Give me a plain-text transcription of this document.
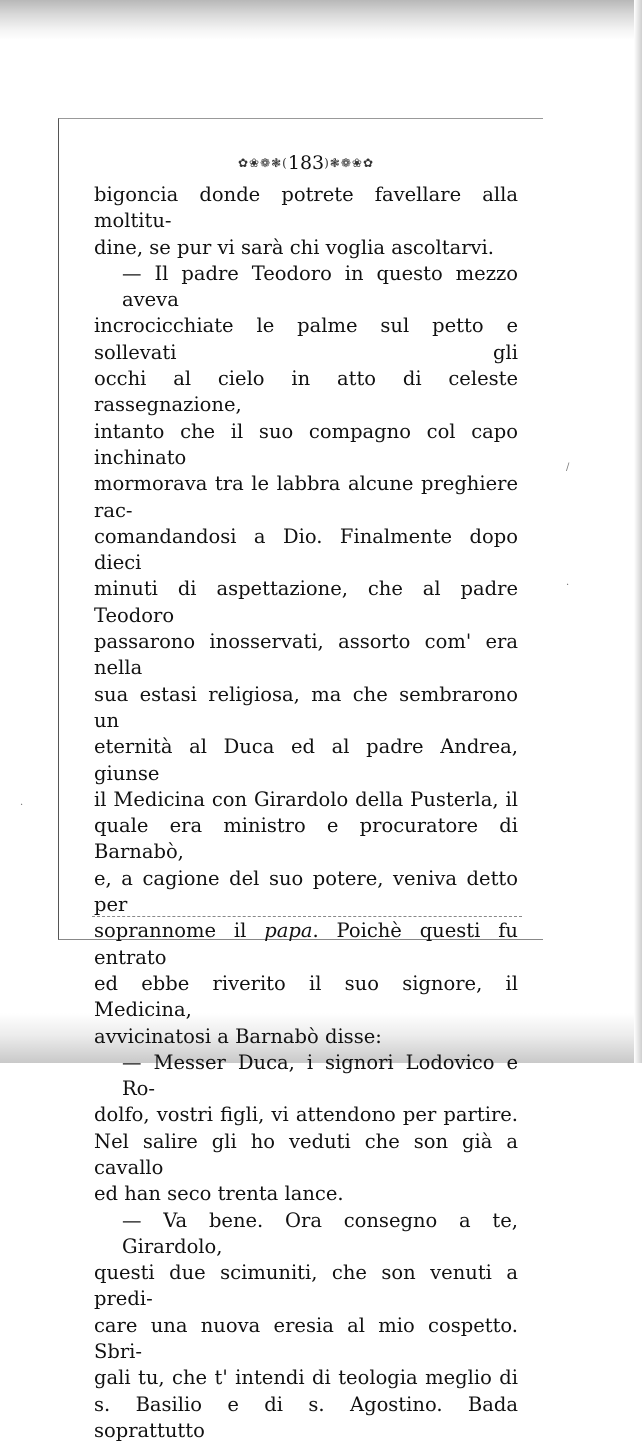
✿❀❁❃(183)❃❁❀✿
bigoncia donde potrete favellare alla moltitu-
dine, se pur vi sarà chi voglia ascoltarvi.
— Il padre Teodoro in questo mezzo aveva
incrocicchiate le palme sul petto e sollevati gli
occhi al cielo in atto di celeste rassegnazione,
intanto che il suo compagno col capo inchinato
mormorava tra le labbra alcune preghiere rac-
comandandosi a Dio. Finalmente dopo dieci
minuti di aspettazione, che al padre Teodoro
passarono inosservati, assorto com' era nella
sua estasi religiosa, ma che sembrarono un
eternità al Duca ed al padre Andrea, giunse
il Medicina con Girardolo della Pusterla, il
quale era ministro e procuratore di Barnabò,
e, a cagione del suo potere, veniva detto per
soprannome il papa. Poichè questi fu entrato
ed ebbe riverito il suo signore, il Medicina,
avvicinatosi a Barnabò disse:
— Messer Duca, i signori Lodovico e Ro-
dolfo, vostri figli, vi attendono per partire.
Nel salire gli ho veduti che son già a cavallo
ed han seco trenta lance.
— Va bene. Ora consegno a te, Girardolo,
questi due scimuniti, che son venuti a predi-
care una nuova eresia al mio cospetto. Sbri-
gali tu, che t' intendi di teologia meglio di
s. Basilio e di s. Agostino. Bada soprattutto
/
·
·
